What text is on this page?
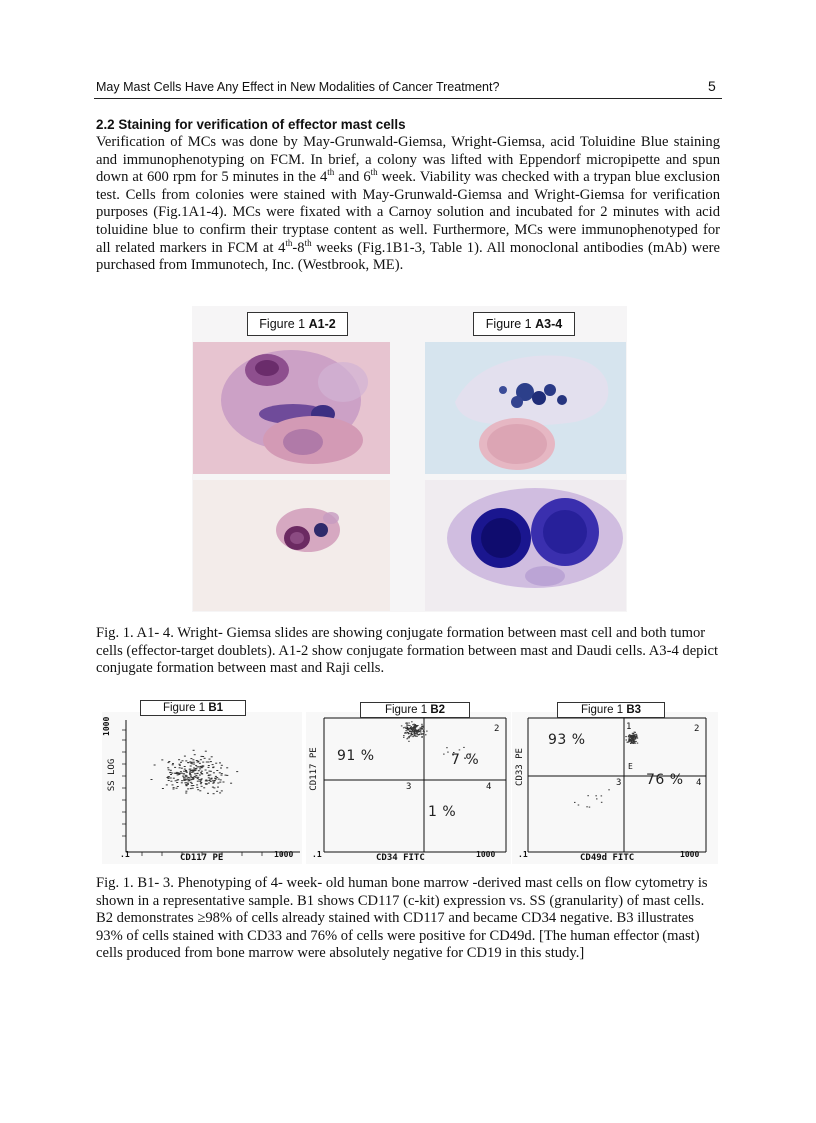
May Mast Cells Have Any Effect in New Modalities of Cancer Treatment?	5
2.2 Staining for verification of effector mast cells
Verification of MCs was done by May-Grunwald-Giemsa, Wright-Giemsa, acid Toluidine Blue staining and immunophenotyping on FCM. In brief, a colony was lifted with Eppendorf micropipette and spun down at 600 rpm for 5 minutes in the 4th and 6th week. Viability was checked with a trypan blue exclusion test. Cells from colonies were stained with May-Grunwald-Giemsa and Wright-Giemsa for verification purposes (Fig.1A1-4). MCs were fixated with a Carnoy solution and incubated for 2 minutes with acid toluidine blue to confirm their tryptase content as well. Furthermore, MCs were immunophenotyped for all related markers in FCM at 4th-8th weeks (Fig.1B1-3, Table 1). All monoclonal antibodies (mAb) were purchased from Immunotech, Inc. (Westbrook, ME).
Figure 1 A1-2	Figure 1 A3-4
Fig. 1. A1- 4. Wright- Giemsa slides are showing conjugate formation between mast cell and both tumor cells (effector-target doublets). A1-2 show conjugate formation between mast and Daudi cells. A3-4 depict conjugate formation between mast and Raji cells.
SS LOG
1000
CD117 PE
.1	1000
CD117 PE
CD34 FITC
.1	1000
91 %	7 %
1 %
1	2
3	4
CD33 PE
CD49d FITC
.1	1000
93 %
76 %
1	2
3	4
E
Figure 1 B1	Figure 1 B2	Figure 1 B3
Fig. 1. B1- 3. Phenotyping of 4- week- old human bone marrow -derived mast cells on flow cytometry is shown in a representative sample. B1 shows CD117 (c-kit) expression vs. SS (granularity) of mast cells. B2 demonstrates ≥98% of cells already stained with CD117 and became CD34 negative. B3 illustrates 93% of cells stained with CD33 and 76% of cells were positive for CD49d. [The human effector (mast) cells produced from bone marrow were absolutely negative for CD19 in this study.]
